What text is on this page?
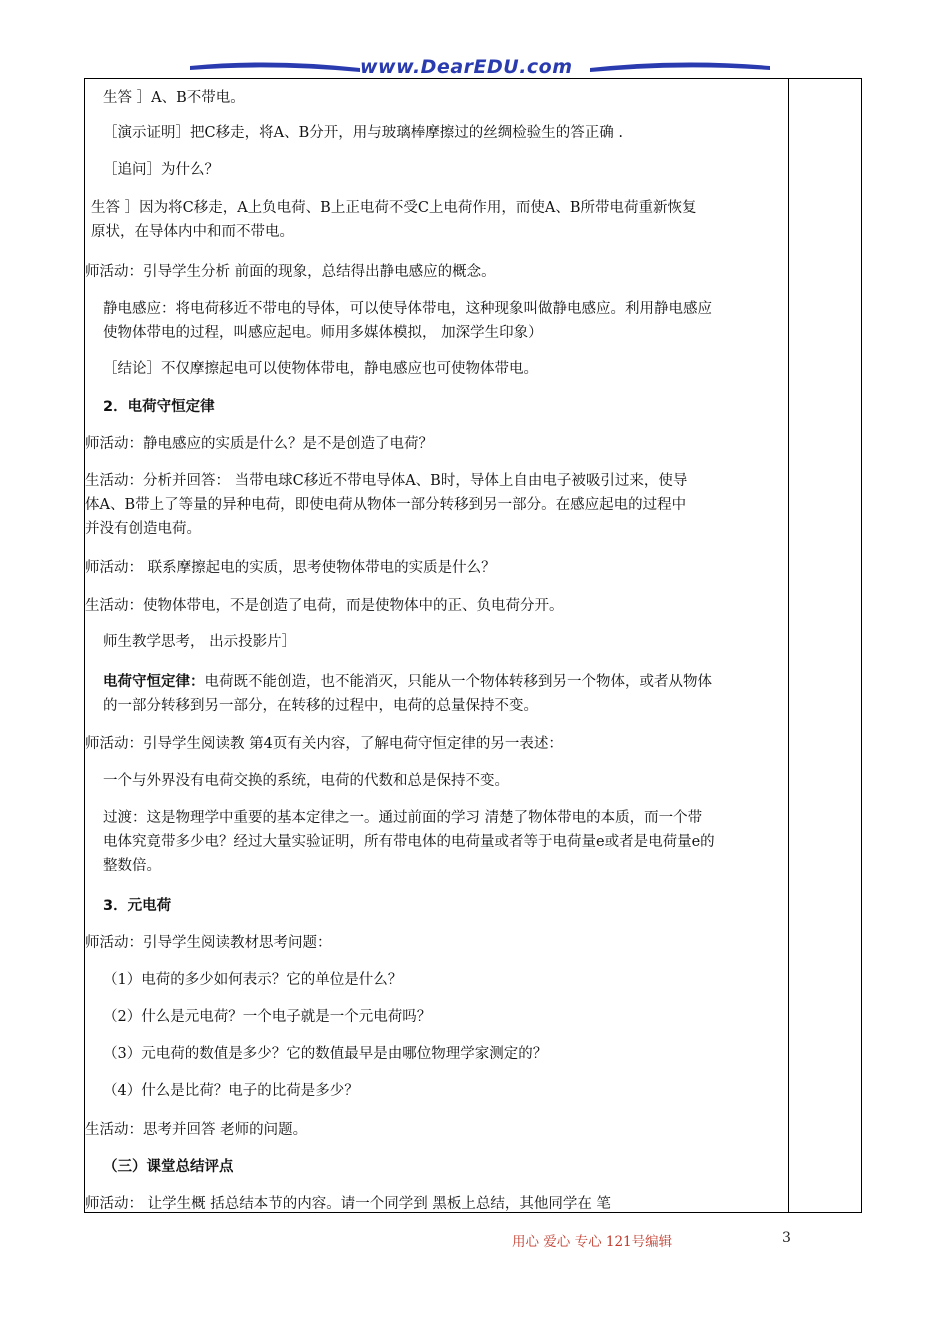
www.DearEDU.com
生答 ］A、B不带电。
［演示证明］把C移走，将A、B分开，用与玻璃棒摩擦过的丝绸检验生的答正确 .
［追问］为什么？
生答 ］因为将C移走，A上负电荷、B上正电荷不受C上电荷作用，而使A、B所带电荷重新恢复原状，在导体内中和而不带电。
师活动：引导学生分析 前面的现象，总结得出静电感应的概念。
静电感应：将电荷移近不带电的导体，可以使导体带电，这种现象叫做静电感应。利用静电感应使物体带电的过程，叫感应起电。师用多媒体模拟， 加深学生印象）
［结论］不仅摩擦起电可以使物体带电，静电感应也可使物体带电。
2．电荷守恒定律
师活动：静电感应的实质是什么？是不是创造了电荷？
生活动：分析并回答： 当带电球C移近不带电导体A、B时，导体上自由电子被吸引过来，使导体A、B带上了等量的异种电荷，即使电荷从物体一部分转移到另一部分。在感应起电的过程中并没有创造电荷。
师活动： 联系摩擦起电的实质，思考使物体带电的实质是什么？
生活动：使物体带电，不是创造了电荷，而是使物体中的正、负电荷分开。
师生教学思考， 出示投影片］
电荷守恒定律：电荷既不能创造，也不能消灭，只能从一个物体转移到另一个物体，或者从物体的一部分转移到另一部分，在转移的过程中，电荷的总量保持不变。
师活动：引导学生阅读教 第4页有关内容，了解电荷守恒定律的另一表述：
一个与外界没有电荷交换的系统，电荷的代数和总是保持不变。
过渡：这是物理学中重要的基本定律之一。通过前面的学习 清楚了物体带电的本质，而一个带电体究竟带多少电？经过大量实验证明，所有带电体的电荷量或者等于电荷量e或者是电荷量e的整数倍。
3．元电荷
师活动：引导学生阅读教材思考问题：
（1）电荷的多少如何表示？它的单位是什么？
（2）什么是元电荷？一个电子就是一个元电荷吗？
（3）元电荷的数值是多少？它的数值最早是由哪位物理学家测定的？
（4）什么是比荷？电子的比荷是多少？
生活动：思考并回答 老师的问题。
（三）课堂总结评点
师活动： 让学生概 括总结本节的内容。请一个同学到 黑板上总结，其他同学在 笔
用心 爱心 专心 121号编辑	3
